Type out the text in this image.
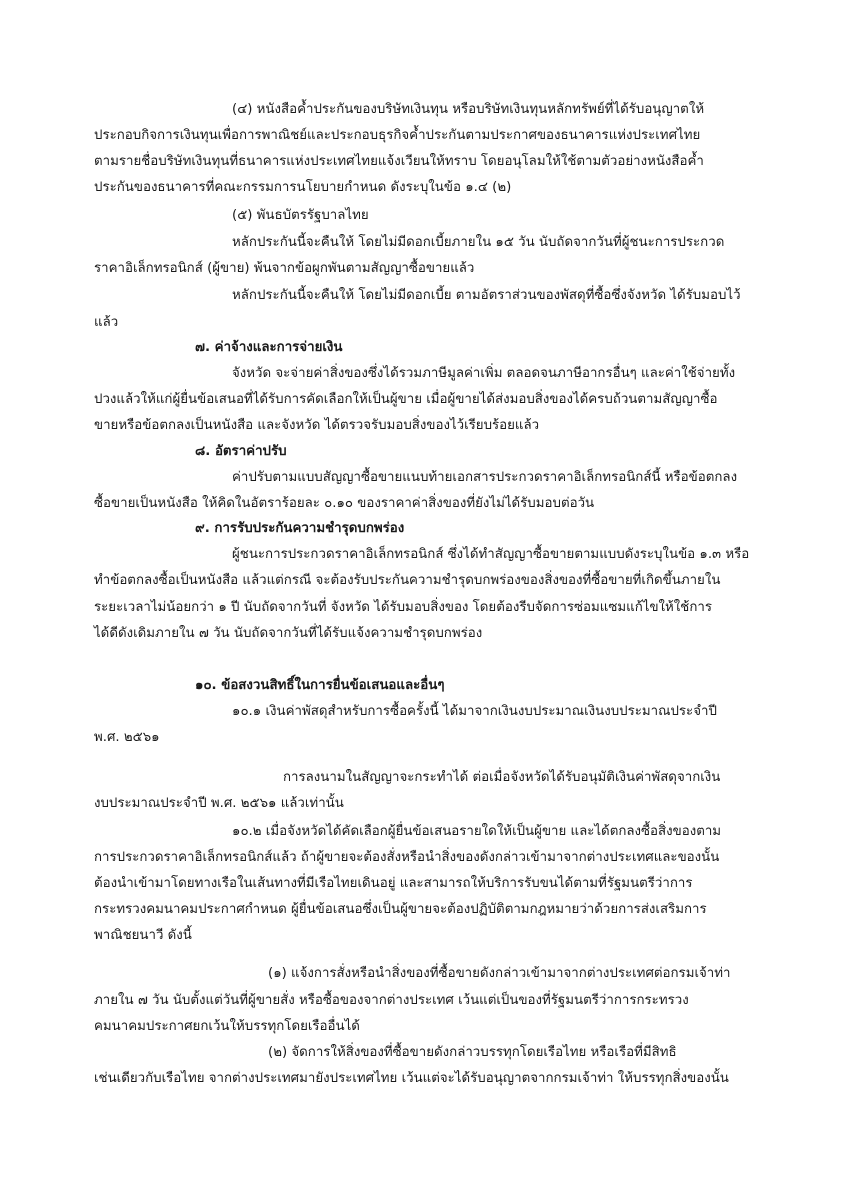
(๔) หนังสือค้ำประกันของบริษัทเงินทุน หรือบริษัทเงินทุนหลักทรัพย์ที่ได้รับอนุญาตให้
ประกอบกิจการเงินทุนเพื่อการพาณิชย์และประกอบธุรกิจค้ำประกันตามประกาศของธนาคารแห่งประเทศไทย
ตามรายชื่อบริษัทเงินทุนที่ธนาคารแห่งประเทศไทยแจ้งเวียนให้ทราบ โดยอนุโลมให้ใช้ตามตัวอย่างหนังสือค้ำ
ประกันของธนาคารที่คณะกรรมการนโยบายกำหนด ดังระบุในข้อ ๑.๔ (๒)
(๕) พันธบัตรรัฐบาลไทย
หลักประกันนี้จะคืนให้ โดยไม่มีดอกเบี้ยภายใน ๑๕ วัน นับถัดจากวันที่ผู้ชนะการประกวด
ราคาอิเล็กทรอนิกส์ (ผู้ขาย) พ้นจากข้อผูกพันตามสัญญาซื้อขายแล้ว
หลักประกันนี้จะคืนให้ โดยไม่มีดอกเบี้ย ตามอัตราส่วนของพัสดุที่ซื้อซึ่งจังหวัด ได้รับมอบไว้
แล้ว
๗. ค่าจ้างและการจ่ายเงิน
จังหวัด จะจ่ายค่าสิ่งของซึ่งได้รวมภาษีมูลค่าเพิ่ม ตลอดจนภาษีอากรอื่นๆ และค่าใช้จ่ายทั้ง
ปวงแล้วให้แก่ผู้ยื่นข้อเสนอที่ได้รับการคัดเลือกให้เป็นผู้ขาย เมื่อผู้ขายได้ส่งมอบสิ่งของได้ครบถ้วนตามสัญญาซื้อ
ขายหรือข้อตกลงเป็นหนังสือ และจังหวัด ได้ตรวจรับมอบสิ่งของไว้เรียบร้อยแล้ว
๘. อัตราค่าปรับ
ค่าปรับตามแบบสัญญาซื้อขายแนบท้ายเอกสารประกวดราคาอิเล็กทรอนิกส์นี้ หรือข้อตกลง
ซื้อขายเป็นหนังสือ ให้คิดในอัตราร้อยละ ๐.๑๐ ของราคาค่าสิ่งของที่ยังไม่ได้รับมอบต่อวัน
๙. การรับประกันความชำรุดบกพร่อง
ผู้ชนะการประกวดราคาอิเล็กทรอนิกส์ ซึ่งได้ทำสัญญาซื้อขายตามแบบดังระบุในข้อ ๑.๓ หรือ
ทำข้อตกลงซื้อเป็นหนังสือ แล้วแต่กรณี จะต้องรับประกันความชำรุดบกพร่องของสิ่งของที่ซื้อขายที่เกิดขึ้นภายใน
ระยะเวลาไม่น้อยกว่า ๑ ปี นับถัดจากวันที่ จังหวัด ได้รับมอบสิ่งของ โดยต้องรีบจัดการซ่อมแซมแก้ไขให้ใช้การ
ได้ดีดังเดิมภายใน ๗ วัน นับถัดจากวันที่ได้รับแจ้งความชำรุดบกพร่อง
๑๐. ข้อสงวนสิทธิ์ในการยื่นข้อเสนอและอื่นๆ
๑๐.๑ เงินค่าพัสดุสำหรับการซื้อครั้งนี้ ได้มาจากเงินงบประมาณเงินงบประมาณประจำปี
พ.ศ. ๒๕๖๑
การลงนามในสัญญาจะกระทำได้ ต่อเมื่อจังหวัดได้รับอนุมัติเงินค่าพัสดุจากเงิน
งบประมาณประจำปี พ.ศ. ๒๕๖๑ แล้วเท่านั้น
๑๐.๒ เมื่อจังหวัดได้คัดเลือกผู้ยื่นข้อเสนอรายใดให้เป็นผู้ขาย และได้ตกลงซื้อสิ่งของตาม
การประกวดราคาอิเล็กทรอนิกส์แล้ว ถ้าผู้ขายจะต้องสั่งหรือนำสิ่งของดังกล่าวเข้ามาจากต่างประเทศและของนั้น
ต้องนำเข้ามาโดยทางเรือในเส้นทางที่มีเรือไทยเดินอยู่ และสามารถให้บริการรับขนได้ตามที่รัฐมนตรีว่าการ
กระทรวงคมนาคมประกาศกำหนด ผู้ยื่นข้อเสนอซึ่งเป็นผู้ขายจะต้องปฏิบัติตามกฎหมายว่าด้วยการส่งเสริมการ
พาณิชยนาวี ดังนี้
(๑) แจ้งการสั่งหรือนำสิ่งของที่ซื้อขายดังกล่าวเข้ามาจากต่างประเทศต่อกรมเจ้าท่า
ภายใน ๗ วัน นับตั้งแต่วันที่ผู้ขายสั่ง หรือซื้อของจากต่างประเทศ เว้นแต่เป็นของที่รัฐมนตรีว่าการกระทรวง
คมนาคมประกาศยกเว้นให้บรรทุกโดยเรืออื่นได้
(๒) จัดการให้สิ่งของที่ซื้อขายดังกล่าวบรรทุกโดยเรือไทย หรือเรือที่มีสิทธิ
เช่นเดียวกับเรือไทย จากต่างประเทศมายังประเทศไทย เว้นแต่จะได้รับอนุญาตจากกรมเจ้าท่า ให้บรรทุกสิ่งของนั้น
